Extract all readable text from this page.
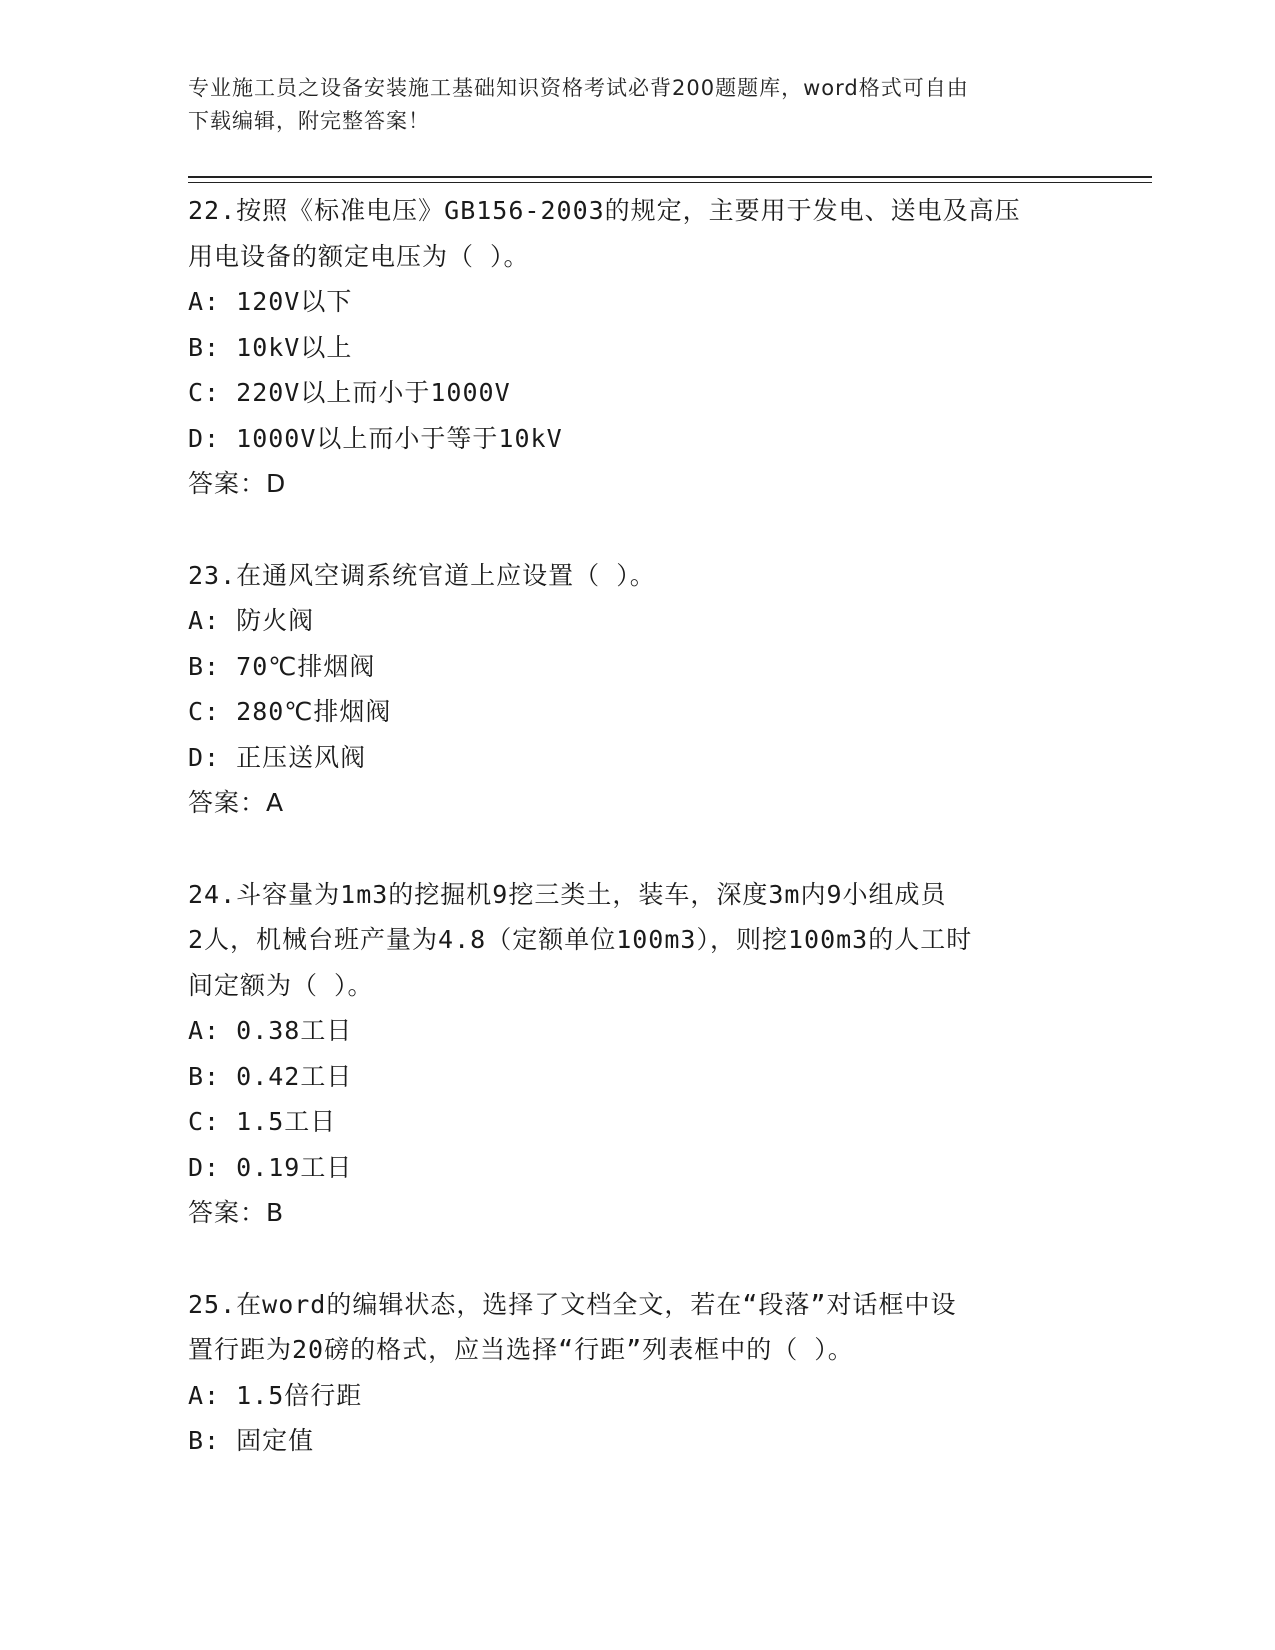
专业施工员之设备安装施工基础知识资格考试必背200题题库，word格式可自由
下载编辑，附完整答案！
22.按照《标准电压》GB156-2003的规定，主要用于发电、送电及高压
用电设备的额定电压为（ ）。
A: 120V以下
B: 10kV以上
C: 220V以上而小于1000V
D: 1000V以上而小于等于10kV
答案：D
23.在通风空调系统官道上应设置（ ）。
A: 防火阀
B: 70℃排烟阀
C: 280℃排烟阀
D: 正压送风阀
答案：A
24.斗容量为1m3的挖掘机9挖三类土，装车，深度3m内9小组成员
2人，机械台班产量为4.8（定额单位100m3），则挖100m3的人工时
间定额为（ ）。
A: 0.38工日
B: 0.42工日
C: 1.5工日
D: 0.19工日
答案：B
25.在word的编辑状态，选择了文档全文，若在“段落”对话框中设
置行距为20磅的格式，应当选择“行距”列表框中的（ ）。
A: 1.5倍行距
B: 固定值
